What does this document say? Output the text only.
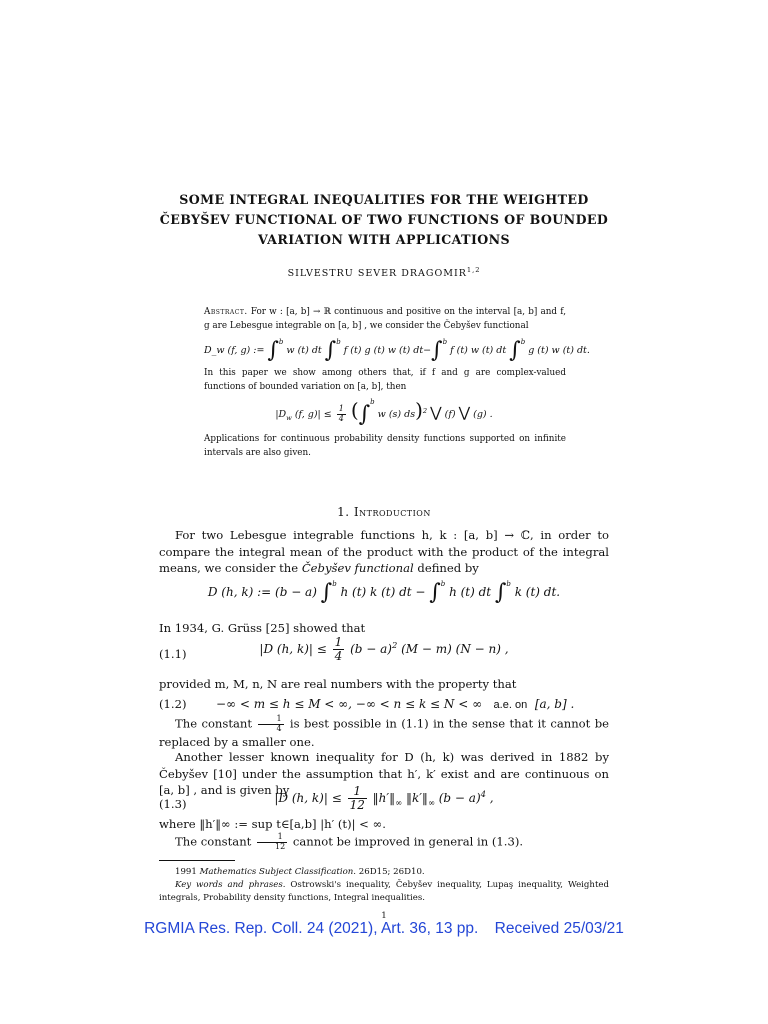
SOME INTEGRAL INEQUALITIES FOR THE WEIGHTED
ČEBYŠEV FUNCTIONAL OF TWO FUNCTIONS OF BOUNDED
VARIATION WITH APPLICATIONS
SILVESTRU SEVER DRAGOMIR$^{1,2}$
Abstract. For w : [a, b] → ℝ continuous and positive on the interval [a, b] and f, g are Lebesgue integrable on [a, b] , we consider the Čebyšev functional
D_w (f, g) := ∫$^b$ w (t) dt ∫$^b$ f (t) g (t) w (t) dt−∫$^b$ f (t) w (t) dt ∫$^b$ g (t) w (t) dt.
In this paper we show among others that, if f and g are complex-valued functions of bounded variation on [a, b], then
$|D_w$ (f, $g)| \le \frac{1}{4} (\int^b$ w (s) ds)$^2$ ⋁ (f) ⋁ (g) .
Applications for continuous probability density functions supported on infinite intervals are also given.
1. Introduction
For two Lebesgue integrable functions h, k : [a, b] → ℂ, in order to compare the integral mean of the product with the product of the integral means, we consider the Čebyšev functional defined by
D (h, k) := (b − a) ∫$^b$ h (t) k (t) dt − ∫$^b$ h (t) dt ∫$^b$ k (t) dt.
In 1934, G. Grüss [25] showed that
(1.1)	|D (h, $k)| \le \frac{1}{4} (b - a)^2$ (M − m) (N − n) ,
provided m, M, n, N are real numbers with the property that
(1.2) −∞ < m ≤ h ≤ M < ∞, −∞ < n ≤ k ≤ N < ∞ a.e. on [a, b] .
The constant $\frac{1}{4}$ is best possible in (1.1) in the sense that it cannot be replaced by a smaller one.
Another lesser known inequality for D (h, k) was derived in 1882 by Čebyšev [10] under the assumption that h′, k′ exist and are continuous on [a, b] , and is given by
(1.3)	|D (h, $k)| \le \frac{1}{12}$ $‖h'‖_\infty$ $‖k'‖_\infty$ $(b - a)^4$ ,
where ‖h′‖∞ := sup t∈[a,b] |h′ (t)| < ∞.
The constant $\frac{1}{12}$ cannot be improved in general in (1.3).
1991 Mathematics Subject Classification. 26D15; 26D10.
Key words and phrases. Ostrowski's inequality, Čebyšev inequality, Lupaş inequality, Weighted integrals, Probability density functions, Integral inequalities.
1
RGMIA Res. Rep. Coll. 24 (2021), Art. 36, 13 pp. Received 25/03/21
